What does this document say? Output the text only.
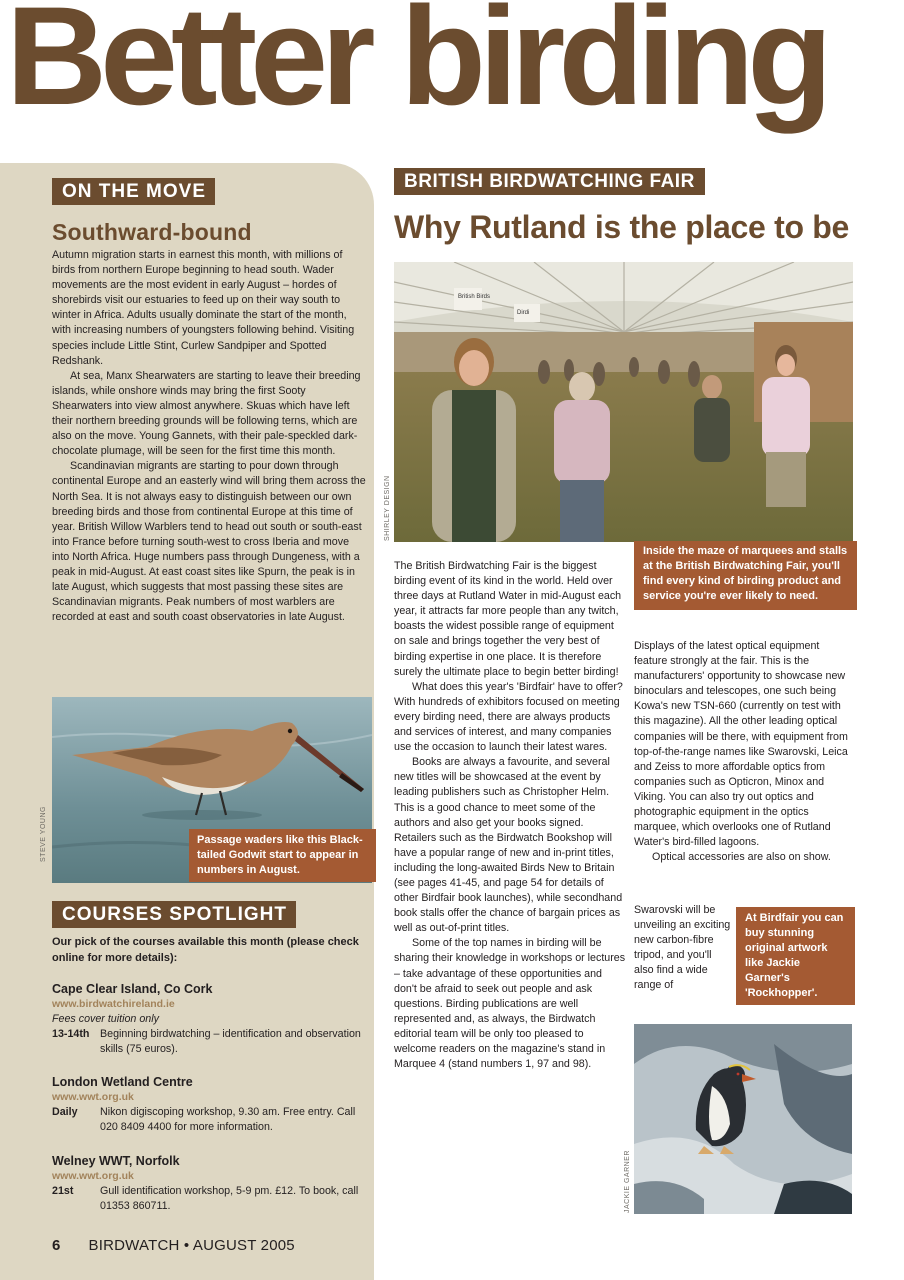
Better birding
ON THE MOVE
Southward-bound

Autumn migration starts in earnest this month, with millions of birds from northern Europe beginning to head south. Wader movements are the most evident in early August – hordes of shorebirds visit our estuaries to feed up on their way south to winter in Africa. Adults usually dominate the start of the month, with increasing numbers of youngsters following behind. Visiting species include Little Stint, Curlew Sandpiper and Spotted Redshank.

At sea, Manx Shearwaters are starting to leave their breeding islands, while onshore winds may bring the first Sooty Shearwaters into view almost anywhere. Skuas which have left their northern breeding grounds will be following terns, which are also on the move. Young Gannets, with their pale-speckled dark-chocolate plumage, will be seen for the first time this month.

Scandinavian migrants are starting to pour down through continental Europe and an easterly wind will bring them across the North Sea. It is not always easy to distinguish between our own breeding birds and those from continental Europe at this time of year. British Willow Warblers tend to head out south or south-east into France before turning south-west to cross Iberia and move into North Africa. Huge numbers pass through Dungeness, with a peak in mid-August. At east coast sites like Spurn, the peak is in late August, which suggests that most passing these sites are Scandinavian migrants. Peak numbers of most warblers are recorded at east and south coast observatories in late August.

STEVE YOUNG	Passage waders like this Black-tailed Godwit start to appear in numbers in August.
COURSES SPOTLIGHT

Our pick of the courses available this month (please check online for more details):

Cape Clear Island, Co Cork
www.birdwatchireland.ie
Fees cover tuition only
13-14th Beginning birdwatching – identification and observation skills (75 euros).
London Wetland Centre
www.wwt.org.uk
Daily	Nikon digiscoping workshop, 9.30 am. Free entry. Call 020 8409 4400 for more information.
Welney WWT, Norfolk
www.wwt.org.uk
21st	Gull identification workshop, 5-9 pm. £12. To book, call 01353 860711.
6 BIRDWATCH • AUGUST 2005
BRITISH BIRDWATCHING FAIR
Why Rutland is the place to be
British Birds
Dirdi
SHIRLEY DESIGN
Inside the maze of marquees and stalls at the British Birdwatching Fair, you'll find every kind of birding product and service you're ever likely to need.

The British Birdwatching Fair is the biggest birding event of its kind in the world. Held over three days at Rutland Water in mid-August each year, it attracts far more people than any twitch, boasts the widest possible range of equipment on sale and brings together the very best of birding expertise in one place. It is therefore surely the ultimate place to begin better birding!

What does this year's 'Birdfair' have to offer? With hundreds of exhibitors focused on meeting every birding need, there are always products and services of interest, and many companies use the occasion to launch their latest wares.

Books are always a favourite, and several new titles will be showcased at the event by leading publishers such as Christopher Helm. This is a good chance to meet some of the authors and also get your books signed. Retailers such as the Birdwatch Bookshop will have a popular range of new and in-print titles, including the long-awaited Birds New to Britain (see pages 41-45, and page 54 for details of other Birdfair book launches), while secondhand book stalls offer the chance of bargain prices as well as out-of-print titles.

Some of the top names in birding will be sharing their knowledge in workshops or lectures – take advantage of these opportunities and don't be afraid to seek out people and ask questions. Birding publications are well represented and, as always, the Birdwatch editorial team will be only too pleased to welcome readers on the magazine's stand in Marquee 4 (stand numbers 1, 97 and 98).

Displays of the latest optical equipment feature strongly at the fair. This is the manufacturers' opportunity to showcase new binoculars and telescopes, one such being Kowa's new TSN-660 (currently on test with this magazine). All the other leading optical companies will be there, with equipment from top-of-the-range names like Swarovski, Leica and Zeiss to more affordable optics from companies such as Opticron, Minox and Viking. You can also try out optics and photographic equipment in the optics marquee, which overlooks one of Rutland Water's bird-filled lagoons.

Optical accessories are also on show.

Swarovski will be unveiling an exciting new carbon-fibre tripod, and you'll also find a wide range of

At Birdfair you can buy stunning original artwork like Jackie Garner's 'Rockhopper'.
JACKIE GARNER
